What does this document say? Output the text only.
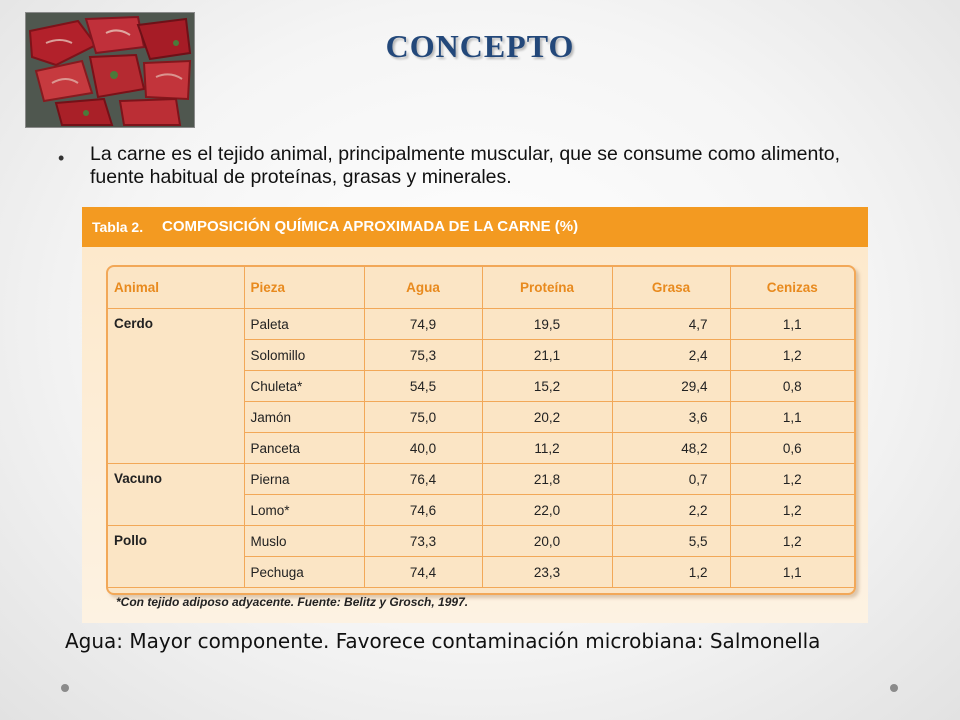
CONCEPTO
• La carne es el tejido animal, principalmente muscular, que se consume como alimento, fuente habitual de proteínas, grasas y minerales.
Tabla 2. COMPOSICIÓN QUÍMICA APROXIMADA DE LA CARNE (%)
Animal	Pieza	Agua	Proteína	Grasa	Cenizas
Cerdo	Paleta	74,9	19,5	4,7	1,1
	Solomillo	75,3	21,1	2,4	1,2
	Chuleta*	54,5	15,2	29,4	0,8
	Jamón	75,0	20,2	3,6	1,1
	Panceta	40,0	11,2	48,2	0,6
Vacuno	Pierna	76,4	21,8	0,7	1,2
	Lomo*	74,6	22,0	2,2	1,2
Pollo	Muslo	73,3	20,0	5,5	1,2
	Pechuga	74,4	23,3	1,2	1,1
*Con tejido adiposo adyacente. Fuente: Belitz y Grosch, 1997.
Agua: Mayor componente. Favorece contaminación microbiana: Salmonella
